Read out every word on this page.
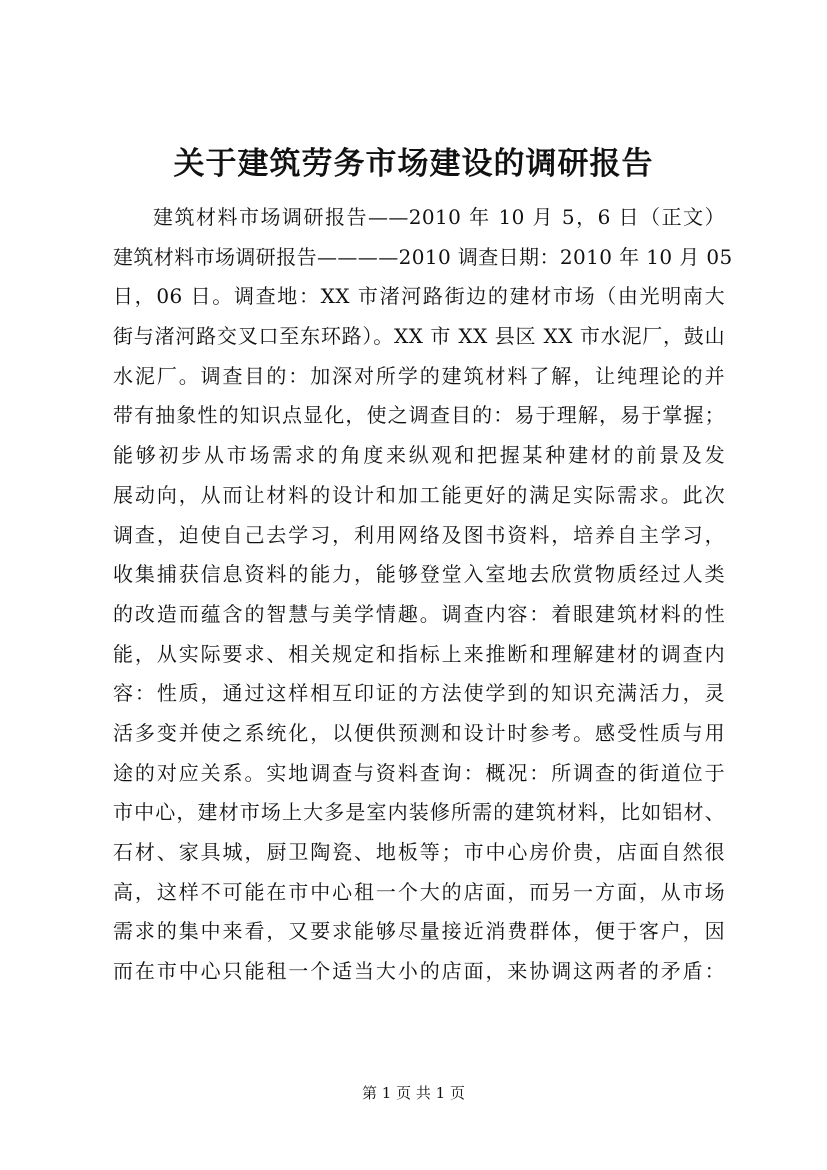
关于建筑劳务市场建设的调研报告
建筑材料市场调研报告——2010 年 10 月 5，6 日（正文）
建筑材料市场调研报告————2010 调查日期：2010 年 10 月 05
日，06 日。调查地：XX 市渚河路街边的建材市场（由光明南大
街与渚河路交叉口至东环路）。XX 市 XX 县区 XX 市水泥厂，鼓山
水泥厂。调查目的：加深对所学的建筑材料了解，让纯理论的并
带有抽象性的知识点显化，使之调查目的：易于理解，易于掌握；
能够初步从市场需求的角度来纵观和把握某种建材的前景及发
展动向，从而让材料的设计和加工能更好的满足实际需求。此次
调查，迫使自己去学习，利用网络及图书资料，培养自主学习，
收集捕获信息资料的能力，能够登堂入室地去欣赏物质经过人类
的改造而蕴含的智慧与美学情趣。调查内容：着眼建筑材料的性
能，从实际要求、相关规定和指标上来推断和理解建材的调查内
容：性质，通过这样相互印证的方法使学到的知识充满活力，灵
活多变并使之系统化，以便供预测和设计时参考。感受性质与用
途的对应关系。实地调查与资料查询：概况：所调查的街道位于
市中心，建材市场上大多是室内装修所需的建筑材料，比如铝材、
石材、家具城，厨卫陶瓷、地板等；市中心房价贵，店面自然很
高，这样不可能在市中心租一个大的店面，而另一方面，从市场
需求的集中来看，又要求能够尽量接近消费群体，便于客户，因
而在市中心只能租一个适当大小的店面，来协调这两者的矛盾：
第 1 页 共 1 页
